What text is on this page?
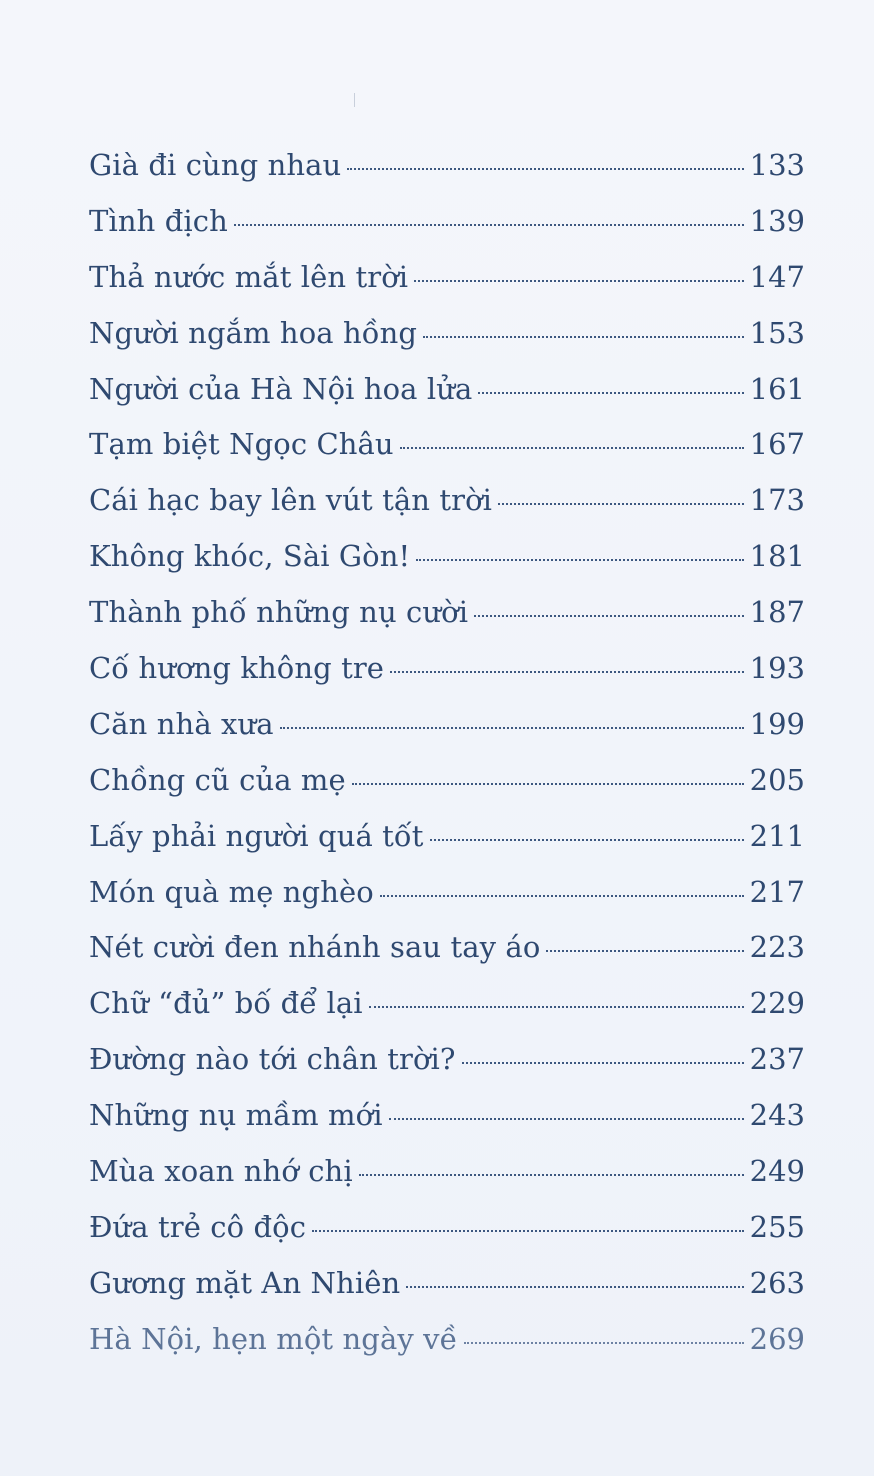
Già đi cùng nhau	133
Tình địch	139
Thả nước mắt lên trời	147
Người ngắm hoa hồng	153
Người của Hà Nội hoa lửa	161
Tạm biệt Ngọc Châu	167
Cái hạc bay lên vút tận trời	173
Không khóc, Sài Gòn!	181
Thành phố những nụ cười	187
Cố hương không tre	193
Căn nhà xưa	199
Chồng cũ của mẹ	205
Lấy phải người quá tốt	211
Món quà mẹ nghèo	217
Nét cười đen nhánh sau tay áo	223
Chữ “đủ” bố để lại	229
Đường nào tới chân trời?	237
Những nụ mầm mới	243
Mùa xoan nhớ chị	249
Đứa trẻ cô độc	255
Gương mặt An Nhiên	263
Hà Nội, hẹn một ngày về	269
